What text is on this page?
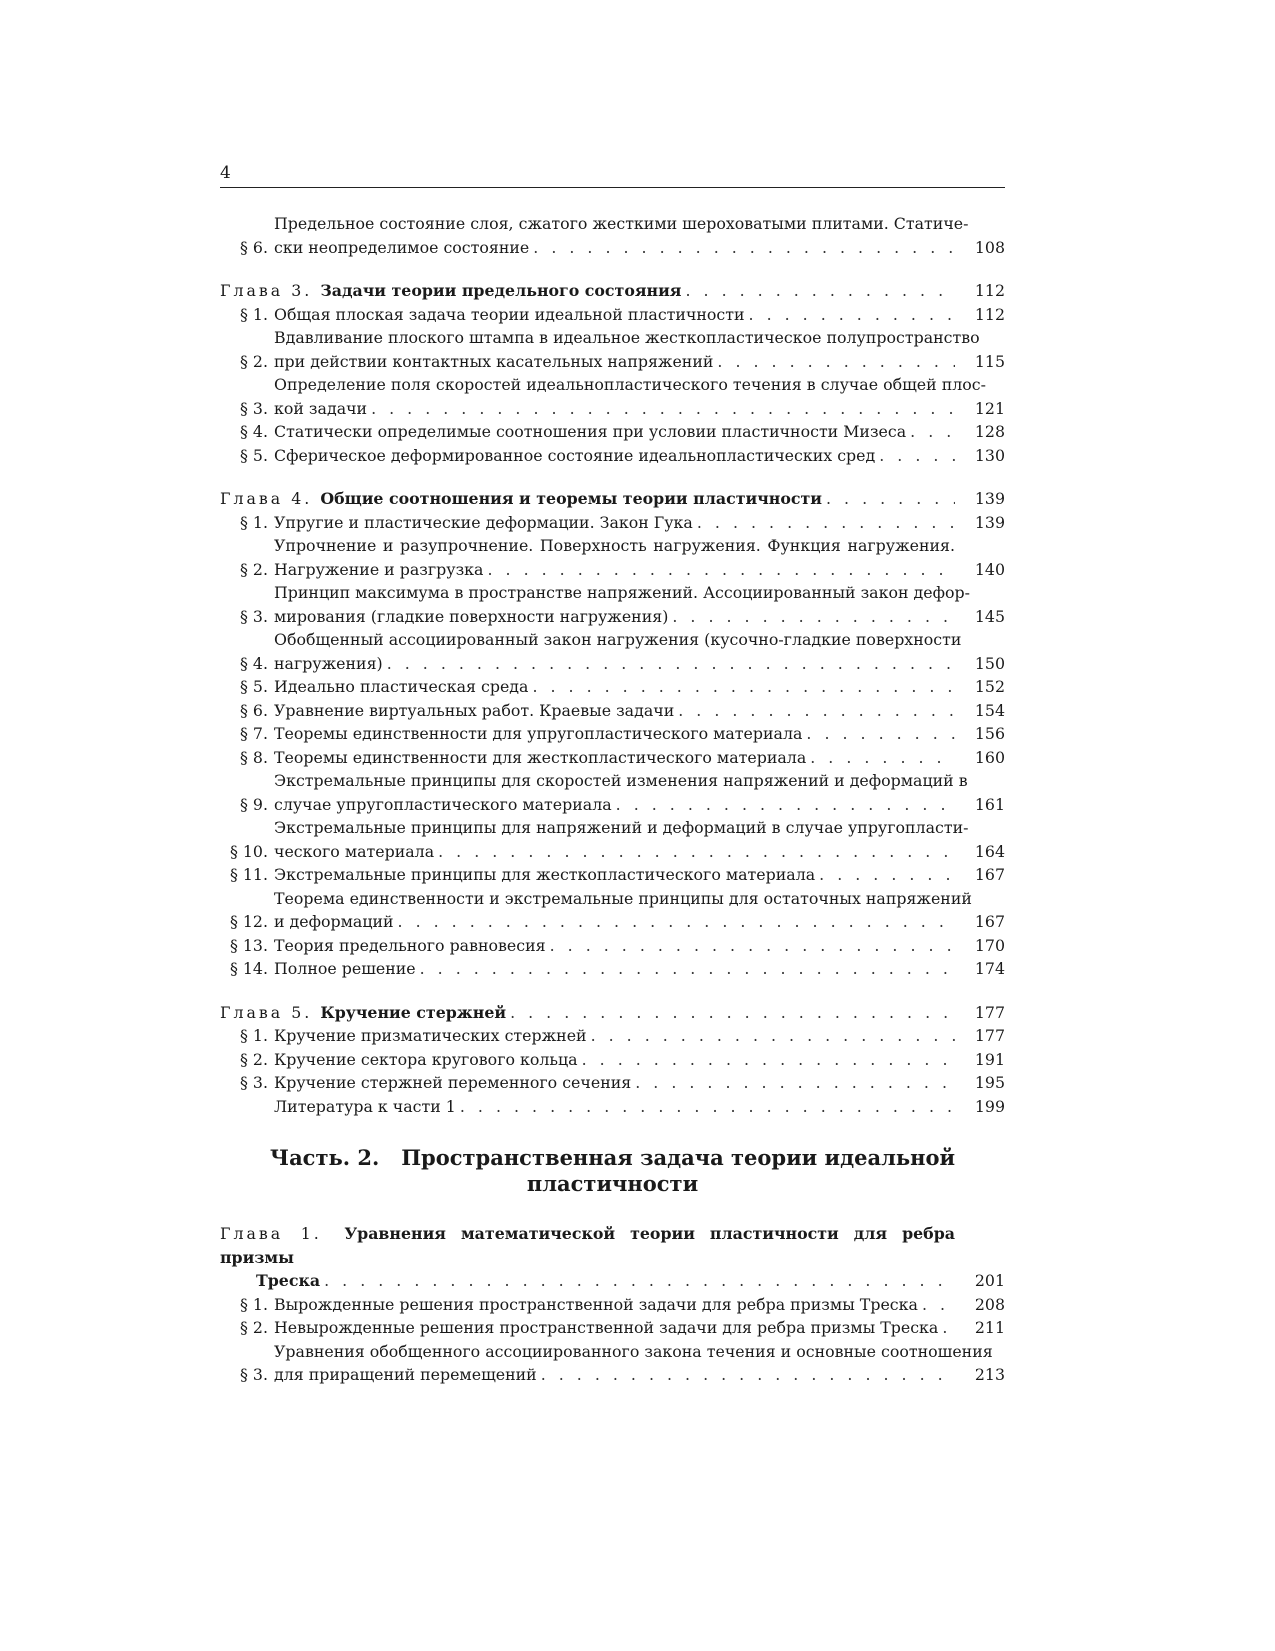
4
§ 6.
Предельное состояние слоя, сжатого жесткими шероховатыми плитами. Статиче-
ски неопределимое состояние . . .	108
Глава 3. Задачи теории предельного состояния . . .	112
§ 1. Общая плоская задача теории идеальной пластичности . . .	112
§ 2.
Вдавливание плоского штампа в идеальное жесткопластическое полупространство
при действии контактных касательных напряжений . . .	115
§ 3.
Определение поля скоростей идеальнопластического течения в случае общей плос-
кой задачи . . .	121
§ 4. Статически определимые соотношения при условии пластичности Мизеса . . .	128
§ 5. Сферическое деформированное состояние идеальнопластических сред . . .	130
Глава 4. Общие соотношения и теоремы теории пластичности . . .	139
§ 1. Упругие и пластические деформации. Закон Гука . . .	139
§ 2.
Упрочнение и разупрочнение. Поверхность нагружения. Функция нагружения.
Нагружение и разгрузка . . .	140
§ 3.
Принцип максимума в пространстве напряжений. Ассоциированный закон дефор-
мирования (гладкие поверхности нагружения) . . .	145
§ 4.
Обобщенный ассоциированный закон нагружения (кусочно-гладкие поверхности
нагружения) . . .	150
§ 5. Идеально пластическая среда . . .	152
§ 6. Уравнение виртуальных работ. Краевые задачи . . .	154
§ 7. Теоремы единственности для упругопластического материала . . .	156
§ 8. Теоремы единственности для жесткопластического материала . . .	160
§ 9.
Экстремальные принципы для скоростей изменения напряжений и деформаций в
случае упругопластического материала . . .	161
§ 10.
Экстремальные принципы для напряжений и деформаций в случае упругопласти-
ческого материала . . .	164
§ 11. Экстремальные принципы для жесткопластического материала . . .	167
§ 12.
Теорема единственности и экстремальные принципы для остаточных напряжений
и деформаций . . .	167
§ 13. Теория предельного равновесия . . .	170
§ 14. Полное решение . . .	174
Глава 5. Кручение стержней . . .	177
§ 1. Кручение призматических стержней . . .	177
§ 2. Кручение сектора кругового кольца . . .	191
§ 3. Кручение стержней переменного сечения . . .	195
Литература к части 1 . . .	199
Часть. 2.   Пространственная задача теории идеальной
пластичности
Глава 1. Уравнения математической теории пластичности для ребра призмы
Треска . . .	201
§ 1. Вырожденные решения пространственной задачи для ребра призмы Треска . . .	208
§ 2. Невырожденные решения пространственной задачи для ребра призмы Треска . . .	211
§ 3.
Уравнения обобщенного ассоциированного закона течения и основные соотношения
для приращений перемещений . . .	213
